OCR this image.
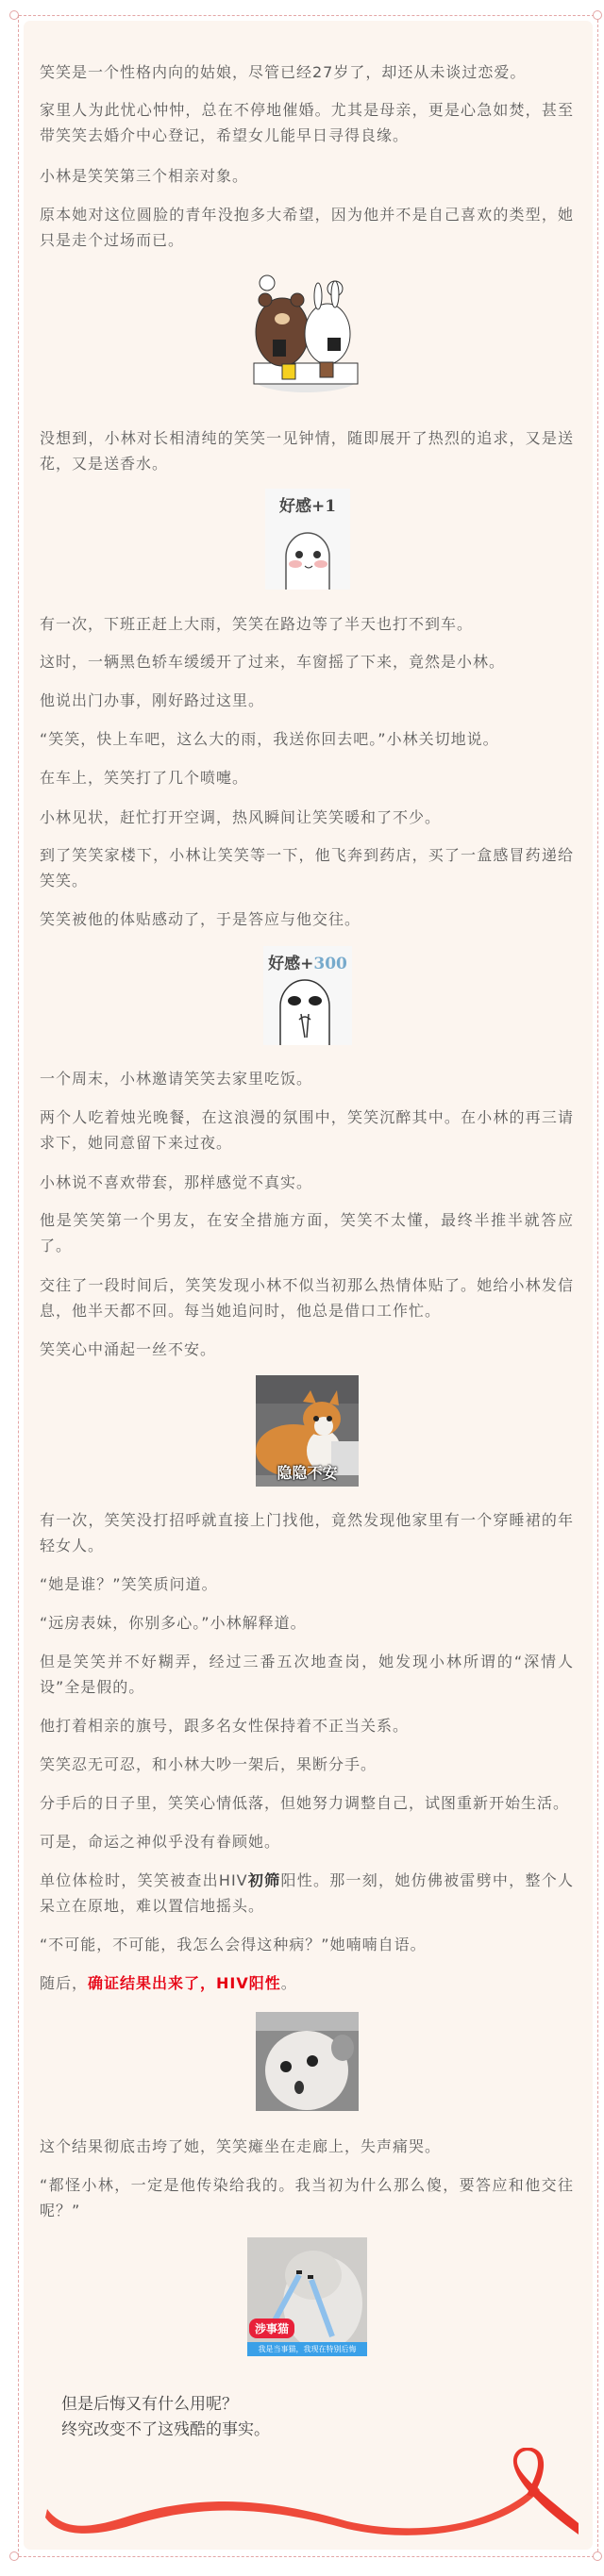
笑笑是一个性格内向的姑娘，尽管已经27岁了，却还从未谈过恋爱。

家里人为此忧心忡忡，总在不停地催婚。尤其是母亲，更是心急如焚，甚至带笑笑去婚介中心登记，希望女儿能早日寻得良缘。

小林是笑笑第三个相亲对象。

原本她对这位圆脸的青年没抱多大希望，因为他并不是自己喜欢的类型，她只是走个过场而已。

没想到，小林对长相清纯的笑笑一见钟情，随即展开了热烈的追求，又是送花，又是送香水。

好感+1

有一次，下班正赶上大雨，笑笑在路边等了半天也打不到车。

这时，一辆黑色轿车缓缓开了过来，车窗摇了下来，竟然是小林。

他说出门办事，刚好路过这里。

“笑笑，快上车吧，这么大的雨，我送你回去吧。”小林关切地说。

在车上，笑笑打了几个喷嚏。

小林见状，赶忙打开空调，热风瞬间让笑笑暖和了不少。

到了笑笑家楼下，小林让笑笑等一下，他飞奔到药店，买了一盒感冒药递给笑笑。

笑笑被他的体贴感动了，于是答应与他交往。

好感+300

一个周末，小林邀请笑笑去家里吃饭。

两个人吃着烛光晚餐，在这浪漫的氛围中，笑笑沉醉其中。在小林的再三请求下，她同意留下来过夜。

小林说不喜欢带套，那样感觉不真实。

他是笑笑第一个男友，在安全措施方面，笑笑不太懂，最终半推半就答应了。

交往了一段时间后，笑笑发现小林不似当初那么热情体贴了。她给小林发信息，他半天都不回。每当她追问时，他总是借口工作忙。

笑笑心中涌起一丝不安。

隐隐不安

有一次，笑笑没打招呼就直接上门找他，竟然发现他家里有一个穿睡裙的年轻女人。

“她是谁？”笑笑质问道。

“远房表妹，你别多心。”小林解释道。

但是笑笑并不好糊弄，经过三番五次地查岗，她发现小林所谓的“深情人设”全是假的。

他打着相亲的旗号，跟多名女性保持着不正当关系。

笑笑忍无可忍，和小林大吵一架后，果断分手。

分手后的日子里，笑笑心情低落，但她努力调整自己，试图重新开始生活。

可是，命运之神似乎没有眷顾她。

单位体检时，笑笑被查出HIV初筛阳性。那一刻，她仿佛被雷劈中，整个人呆立在原地，难以置信地摇头。

“不可能，不可能，我怎么会得这种病？”她喃喃自语。

随后，确证结果出来了，HIV阳性。

这个结果彻底击垮了她，笑笑瘫坐在走廊上，失声痛哭。

“都怪小林，一定是他传染给我的。我当初为什么那么傻，要答应和他交往呢？”

涉事猫
我是当事猫，我现在特别后悔
但是后悔又有什么用呢？
终究改变不了这残酷的事实。
